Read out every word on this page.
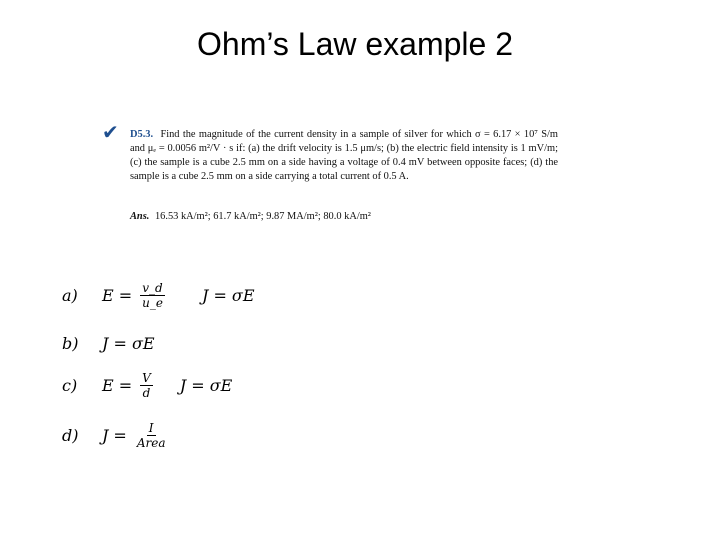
Ohm’s Law example 2
✔ D5.3. Find the magnitude of the current density in a sample of silver for which σ = 6.17 × 10⁷ S/m and μₑ = 0.0056 m²/V · s if: (a) the drift velocity is 1.5 μm/s; (b) the electric field intensity is 1 mV/m; (c) the sample is a cube 2.5 mm on a side having a voltage of 0.4 mV between opposite faces; (d) the sample is a cube 2.5 mm on a side carrying a total current of 0.5 A.
Ans. 16.53 kA/m²; 61.7 kA/m²; 9.87 MA/m²; 80.0 kA/m²
a)	$E = \frac{v\_d}{u\_e}$ J = σE
b)	J = σE
c)	$E = \frac{V}{d}$ J = σE
d)	$J = \frac{I}{\text{Area}}$
